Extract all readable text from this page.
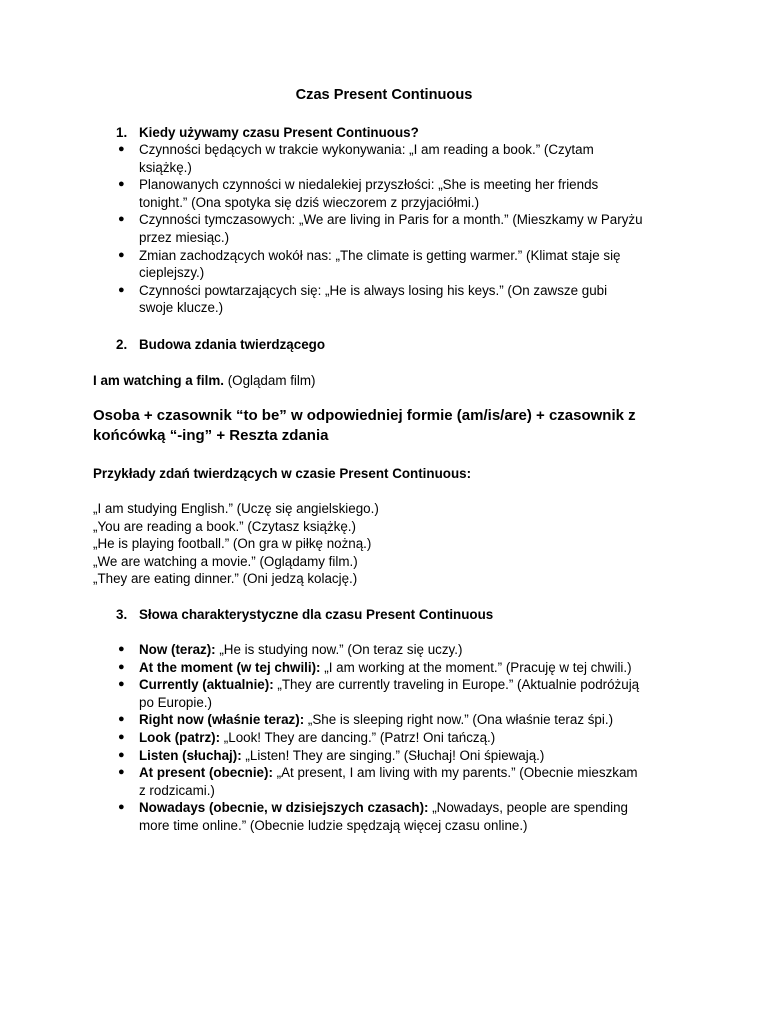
Czas Present Continuous
1. Kiedy używamy czasu Present Continuous?
● Czynności będących w trakcie wykonywania: „I am reading a book.” (Czytam
książkę.)
● Planowanych czynności w niedalekiej przyszłości: „She is meeting her friends
tonight.” (Ona spotyka się dziś wieczorem z przyjaciółmi.)
● Czynności tymczasowych: „We are living in Paris for a month.” (Mieszkamy w Paryżu
przez miesiąc.)
● Zmian zachodzących wokół nas: „The climate is getting warmer.” (Klimat staje się
cieplejszy.)
● Czynności powtarzających się: „He is always losing his keys.” (On zawsze gubi
swoje klucze.)
2. Budowa zdania twierdzącego
I am watching a film. (Oglądam film)
Osoba + czasownik “to be” w odpowiedniej formie (am/is/are) + czasownik z
końcówką “-ing” + Reszta zdania
Przykłady zdań twierdzących w czasie Present Continuous:
„I am studying English.” (Uczę się angielskiego.)
„You are reading a book.” (Czytasz książkę.)
„He is playing football.” (On gra w piłkę nożną.)
„We are watching a movie.” (Oglądamy film.)
„They are eating dinner.” (Oni jedzą kolację.)
3. Słowa charakterystyczne dla czasu Present Continuous
● Now (teraz): „He is studying now.” (On teraz się uczy.)
● At the moment (w tej chwili): „I am working at the moment.” (Pracuję w tej chwili.)
● Currently (aktualnie): „They are currently traveling in Europe.” (Aktualnie podróżują
po Europie.)
● Right now (właśnie teraz): „She is sleeping right now.” (Ona właśnie teraz śpi.)
● Look (patrz): „Look! They are dancing.” (Patrz! Oni tańczą.)
● Listen (słuchaj): „Listen! They are singing.” (Słuchaj! Oni śpiewają.)
● At present (obecnie): „At present, I am living with my parents.” (Obecnie mieszkam
z rodzicami.)
● Nowadays (obecnie, w dzisiejszych czasach): „Nowadays, people are spending
more time online.” (Obecnie ludzie spędzają więcej czasu online.)
